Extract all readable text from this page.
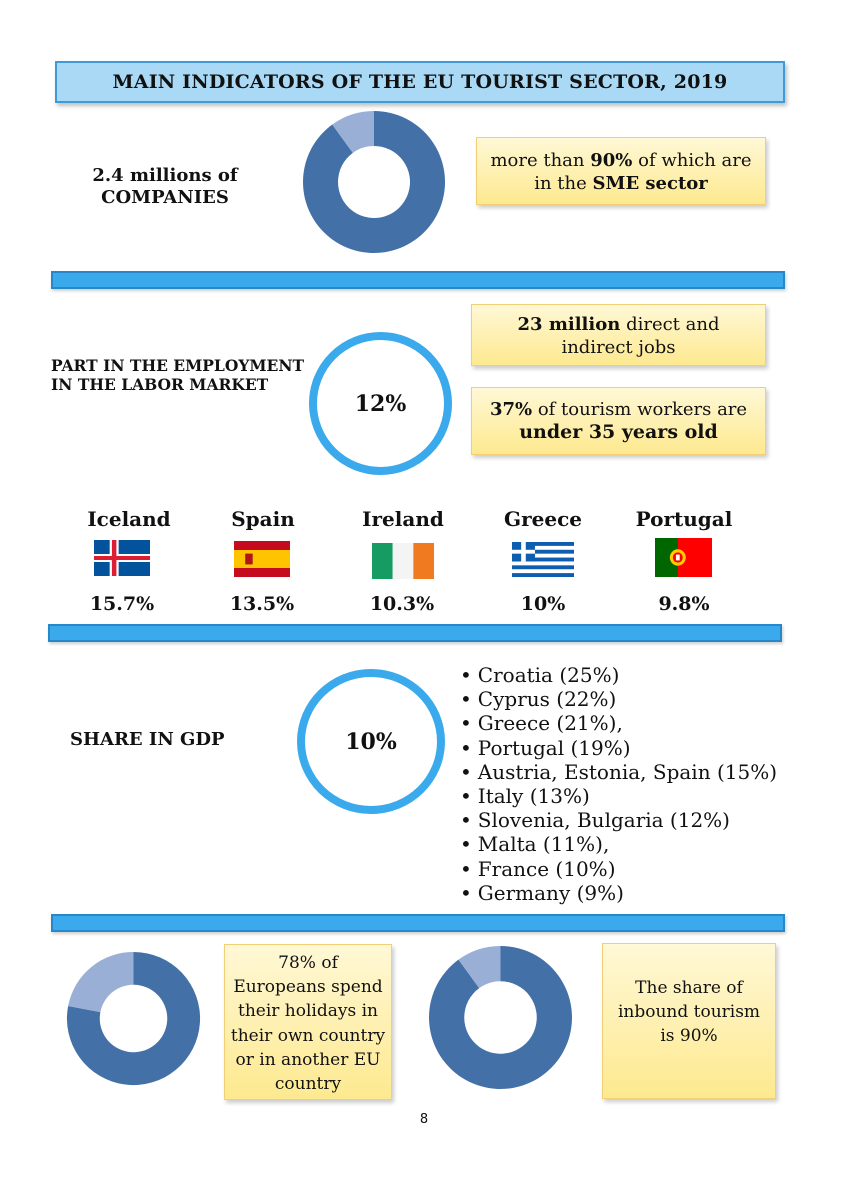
MAIN INDICATORS OF THE EU TOURIST SECTOR, 2019
2.4 millions of
COMPANIES
more than 90% of which are in the SME sector
PART IN THE EMPLOYMENT
IN THE LABOR MARKET
12%
23 million direct and indirect jobs
37% of tourism workers are
under 35 years old
Iceland
15.7%
Spain
13.5%
Ireland
10.3%
Greece
10%
Portugal
9.8%
SHARE IN GDP	10%
• Croatia (25%)
• Cyprus (22%)
• Greece (21%),
• Portugal (19%)
• Austria, Estonia, Spain (15%)
• Italy (13%)
• Slovenia, Bulgaria (12%)
• Malta (11%),
• France (10%)
• Germany (9%)
78% of
Europeans spend
their holidays in
their own country
or in another EU
country
The share of
inbound tourism
is 90%
8
